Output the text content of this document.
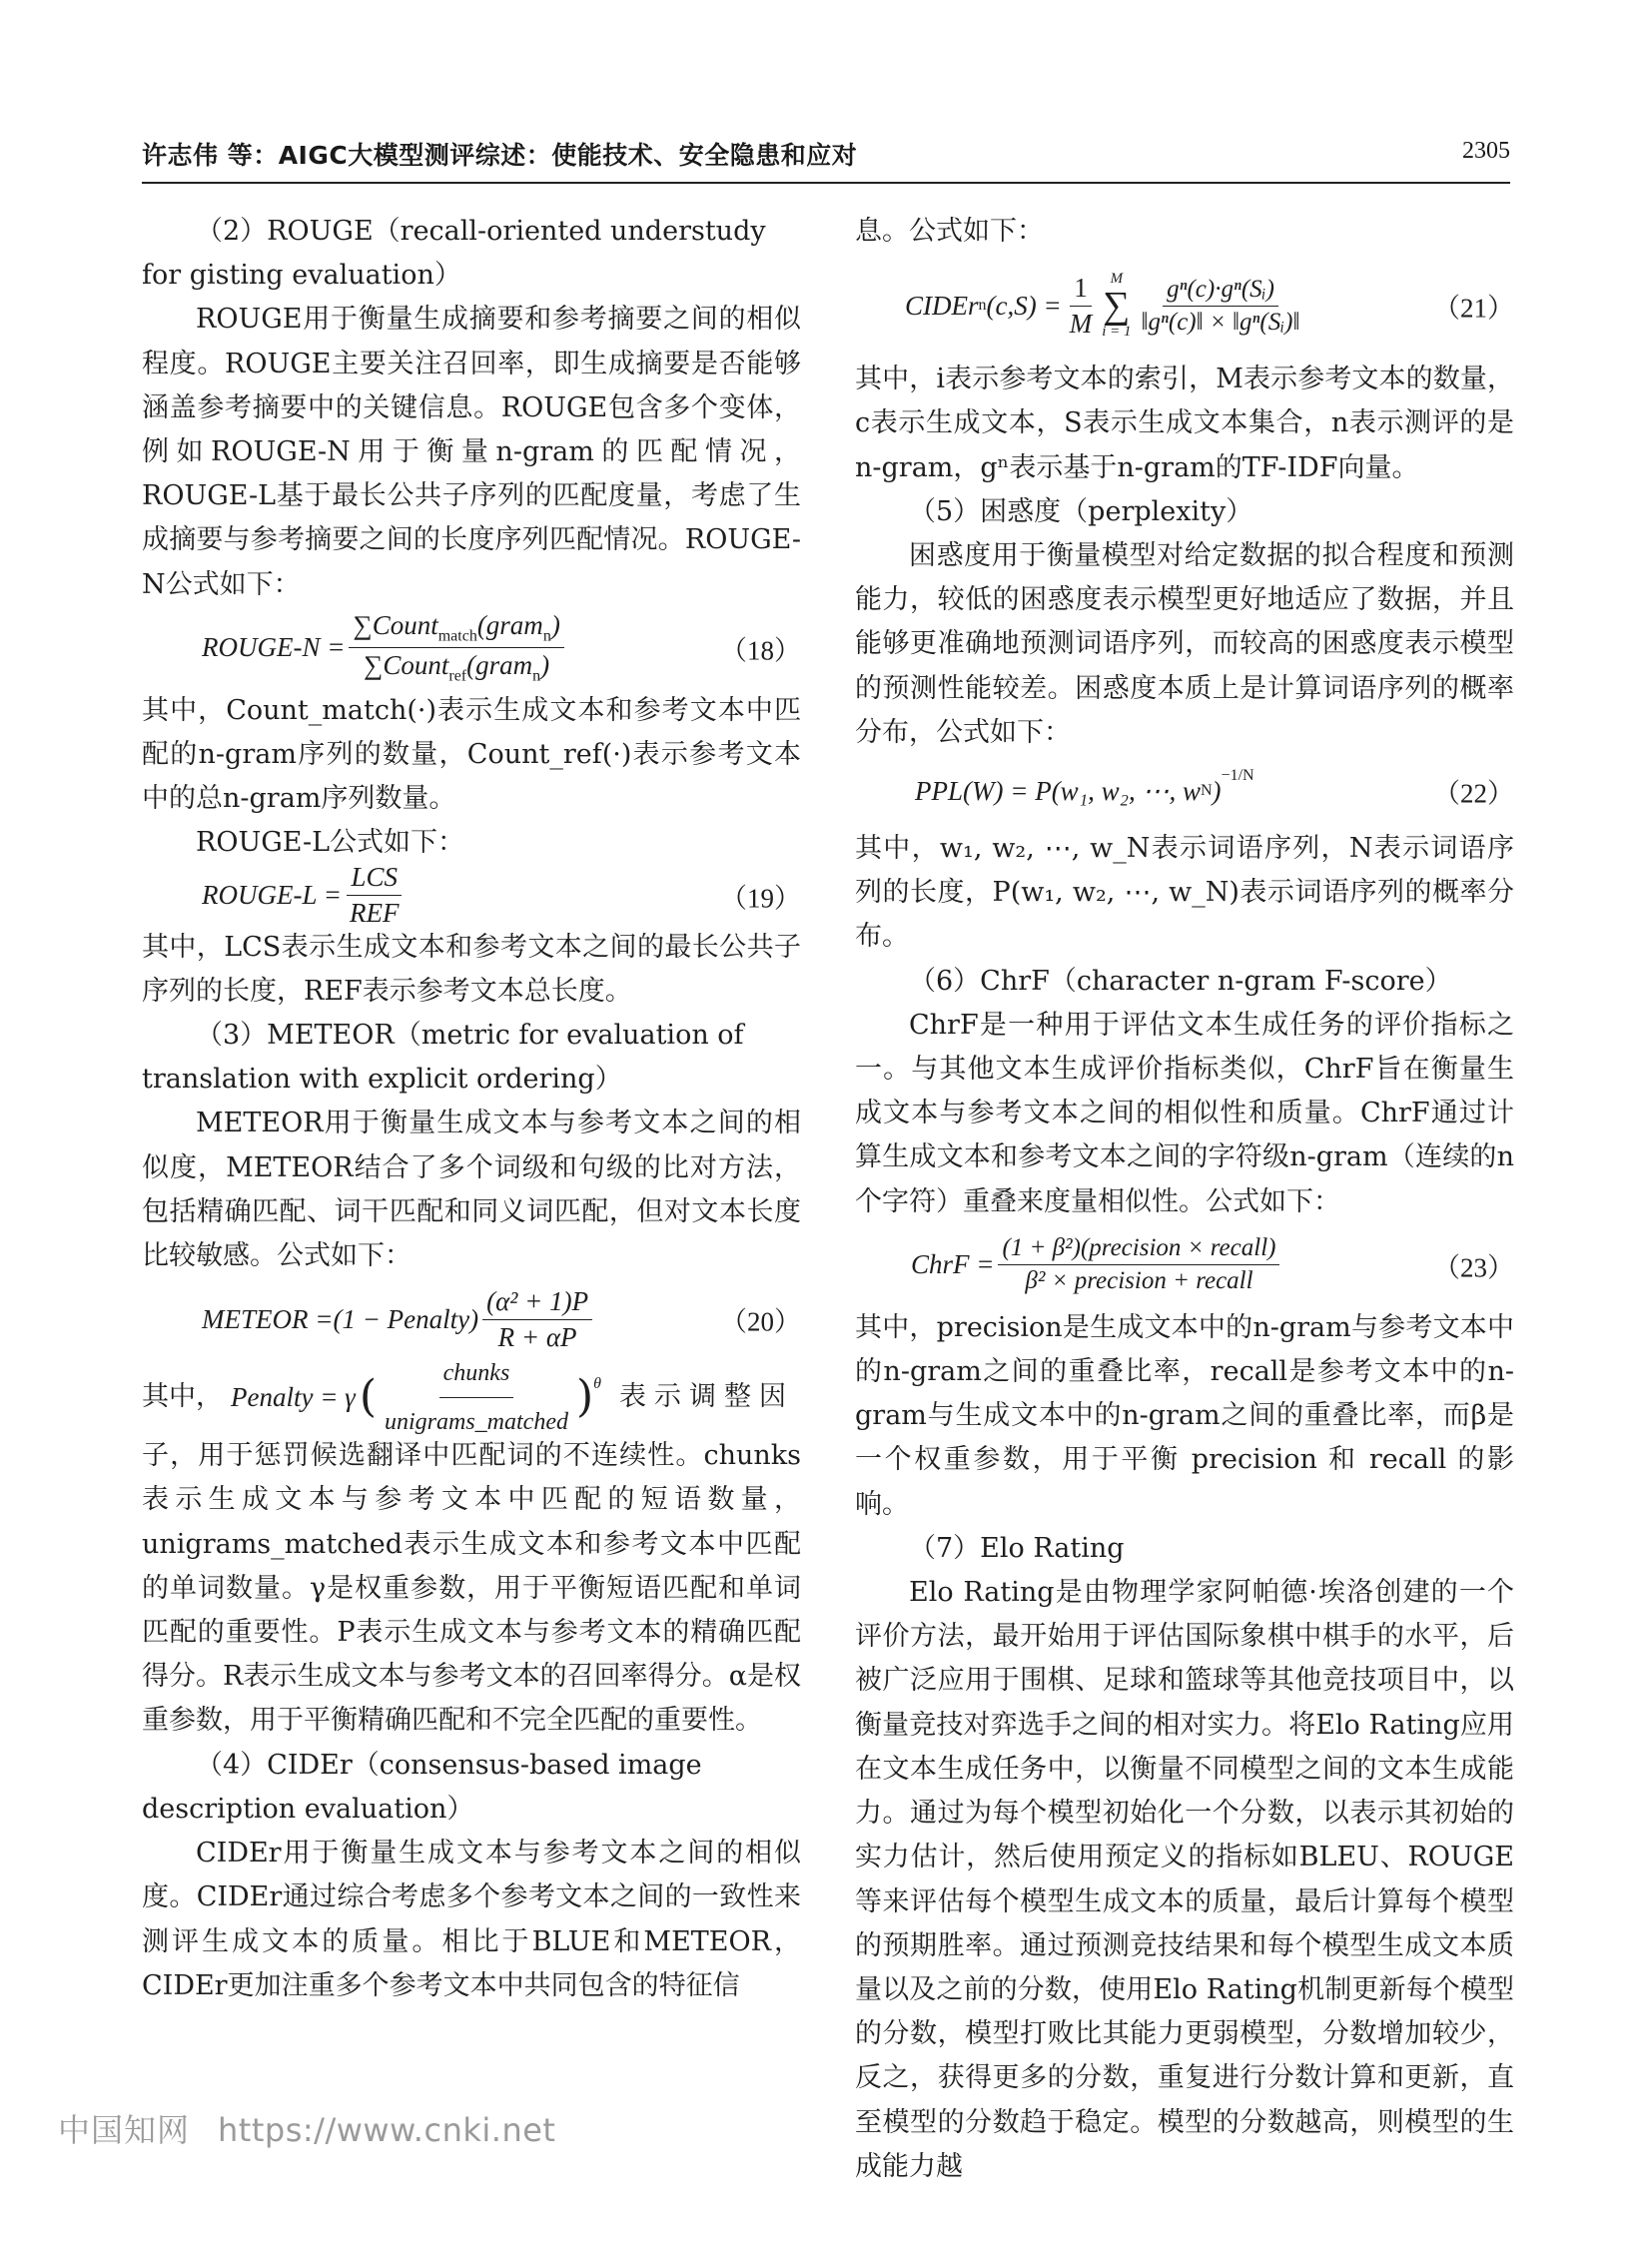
许志伟 等：AIGC大模型测评综述：使能技术、安全隐患和应对	2305

（2）ROUGE（recall-oriented understudy for gisting evaluation）

ROUGE用于衡量生成摘要和参考摘要之间的相似程度。ROUGE主要关注召回率，即生成摘要是否能够涵盖参考摘要中的关键信息。ROUGE包含多个变体，例如ROUGE-N用于衡量n-gram的匹配情况，ROUGE-L基于最长公共子序列的匹配度量，考虑了生成摘要与参考摘要之间的长度序列匹配情况。ROUGE-N公式如下：

ROUGE-N = $\frac{\sum Count_{match}(gram_n)}{\sum Count_{ref}(gram_n)}$	（18）

其中，Count_match(·)表示生成文本和参考文本中匹配的n-gram序列的数量，Count_ref(·)表示参考文本中的总n-gram序列数量。

ROUGE-L公式如下：

ROUGE-L = $\frac{\text{LCS}}{\text{REF}}$	（19）

其中，LCS表示生成文本和参考文本之间的最长公共子序列的长度，REF表示参考文本总长度。

（3）METEOR（metric for evaluation of translation with explicit ordering）

METEOR用于衡量生成文本与参考文本之间的相似度，METEOR结合了多个词级和句级的比对方法，包括精确匹配、词干匹配和同义词匹配，但对文本长度比较敏感。公式如下：

METEOR =(1 − Penalty) $\frac{\text{(α² + 1)P}}{R + \alpha P}$	（20）
其中， Penalty = γ ( $\frac{\text{chunks}}{\text{unigrams\_matched}} )^\theta$ 表示调整因

子，用于惩罚候选翻译中匹配词的不连续性。chunks表示生成文本与参考文本中匹配的短语数量，unigrams_matched表示生成文本和参考文本中匹配的单词数量。γ是权重参数，用于平衡短语匹配和单词匹配的重要性。P表示生成文本与参考文本的精确匹配得分。R表示生成文本与参考文本的召回率得分。α是权重参数，用于平衡精确匹配和不完全匹配的重要性。

（4）CIDEr（consensus-based image description evaluation）

CIDEr用于衡量生成文本与参考文本之间的相似度。CIDEr通过综合考虑多个参考文本之间的一致性来测评生成文本的质量。相比于BLUE和METEOR，CIDEr更加注重多个参考文本中共同包含的特征信

息。公式如下：

CIDEr n $(c,S) = \frac{1}{M}$ M
∑
$i = 1 \frac{\text{gⁿ(c)·gⁿ(Sᵢ)}}{\text{‖gⁿ(c)‖ × ‖gⁿ(Sᵢ)‖}}$	（21）

其中，i表示参考文本的索引，M表示参考文本的数量，c表示生成文本，S表示生成文本集合，n表示测评的是n-gram，gⁿ表示基于n-gram的TF-IDF向量。

（5）困惑度（perplexity）

困惑度用于衡量模型对给定数据的拟合程度和预测能力，较低的困惑度表示模型更好地适应了数据，并且能够更准确地预测词语序列，而较高的困惑度表示模型的预测性能较差。困惑度本质上是计算词语序列的概率分布，公式如下：

PPL(W) = P(w₁, w₂, ⋯, w N )$^{-1/N}$
（22）

其中，w₁, w₂, ⋯, w_N表示词语序列，N表示词语序列的长度，P(w₁, w₂, ⋯, w_N)表示词语序列的概率分布。

（6）ChrF（character n-gram F-score）

ChrF是一种用于评估文本生成任务的评价指标之一。与其他文本生成评价指标类似，ChrF旨在衡量生成文本与参考文本之间的相似性和质量。ChrF通过计算生成文本和参考文本之间的字符级n-gram（连续的n个字符）重叠来度量相似性。公式如下：

ChrF = $\frac{\text{(1 + β²)(precision × recall)}}{\text{β² × precision + recall}}$	（23）

其中，precision是生成文本中的n-gram与参考文本中的n-gram之间的重叠比率，recall是参考文本中的n-gram与生成文本中的n-gram之间的重叠比率，而β是一个权重参数，用于平衡 precision 和 recall 的影响。

（7）Elo Rating

Elo Rating是由物理学家阿帕德·埃洛创建的一个评价方法，最开始用于评估国际象棋中棋手的水平，后被广泛应用于围棋、足球和篮球等其他竞技项目中，以衡量竞技对弈选手之间的相对实力。将Elo Rating应用在文本生成任务中，以衡量不同模型之间的文本生成能力。通过为每个模型初始化一个分数，以表示其初始的实力估计，然后使用预定义的指标如BLEU、ROUGE等来评估每个模型生成文本的质量，最后计算每个模型的预期胜率。通过预测竞技结果和每个模型生成文本质量以及之前的分数，使用Elo Rating机制更新每个模型的分数，模型打败比其能力更弱模型，分数增加较少，反之，获得更多的分数，重复进行分数计算和更新，直至模型的分数趋于稳定。模型的分数越高，则模型的生成能力越

中国知网 https://www.cnki.net
